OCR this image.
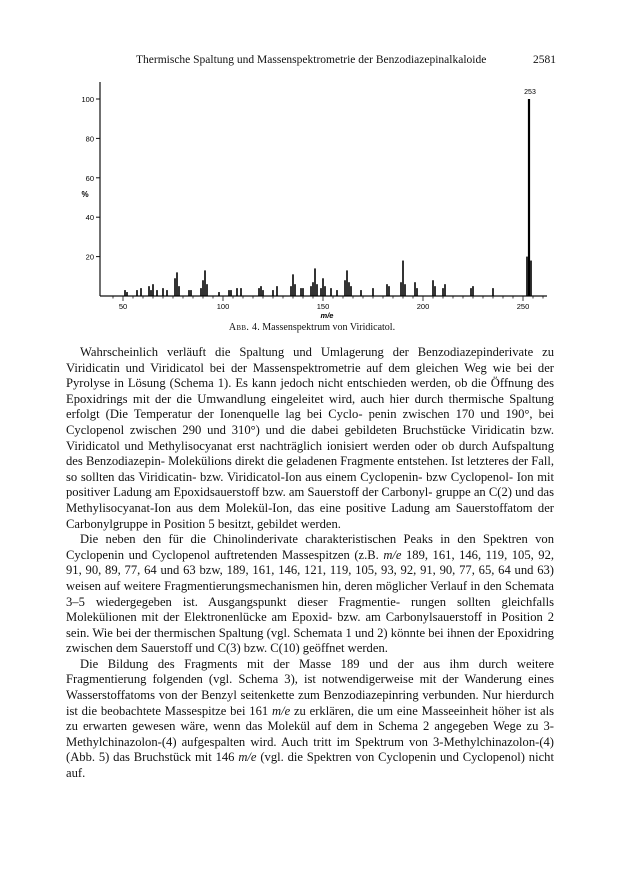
Thermische Spaltung und Massenspektrometrie der Benzodiazepinalkaloide	2581
20
40
60
80
100
%
50	100	150	200	250
m/e
253
Abb. 4. Massenspektrum von Viridicatol.

Wahrscheinlich verläuft die Spaltung und Umlagerung der Benzodiazepinderivate zu Viridicatin und Viridicatol bei der Massenspektrometrie auf dem gleichen Weg wie bei der Pyrolyse in Lösung (Schema 1). Es kann jedoch nicht entschieden werden, ob die Öffnung des Epoxidrings mit der die Umwandlung eingeleitet wird, auch hier durch thermische Spaltung erfolgt (Die Temperatur der Ionenquelle lag bei Cyclo- penin zwischen 170 und 190°, bei Cyclopenol zwischen 290 und 310°) und die dabei gebildeten Bruchstücke Viridicatin bzw. Viridicatol und Methylisocyanat erst nachträglich ionisiert werden oder ob durch Aufspaltung des Benzodiazepin- Molekülions direkt die geladenen Fragmente entstehen. Ist letzteres der Fall, so sollten das Viridicatin- bzw. Viridicatol-Ion aus einem Cyclopenin- bzw Cyclopenol- Ion mit positiver Ladung am Epoxidsauerstoff bzw. am Sauerstoff der Carbonyl- gruppe an C(2) und das Methylisocyanat-Ion aus dem Molekül-Ion, das eine positive Ladung am Sauerstoffatom der Carbonylgruppe in Position 5 besitzt, gebildet werden.

Die neben den für die Chinolinderivate charakteristischen Peaks in den Spektren von Cyclopenin und Cyclopenol auftretenden Massespitzen (z.B. m/e 189, 161, 146, 119, 105, 92, 91, 90, 89, 77, 64 und 63 bzw, 189, 161, 146, 121, 119, 105, 93, 92, 91, 90, 77, 65, 64 und 63) weisen auf weitere Fragmentierungsmechanismen hin, deren möglicher Verlauf in den Schemata 3–5 wiedergegeben ist. Ausgangspunkt dieser Fragmentie- rungen sollten gleichfalls Molekülionen mit der Elektronenlücke am Epoxid- bzw. am Carbonylsauerstoff in Position 2 sein. Wie bei der thermischen Spaltung (vgl. Schemata 1 und 2) könnte bei ihnen der Epoxidring zwischen dem Sauerstoff und C(3) bzw. C(10) geöffnet werden.

Die Bildung des Fragments mit der Masse 189 und der aus ihm durch weitere Fragmentierung folgenden (vgl. Schema 3), ist notwendigerweise mit der Wanderung eines Wasserstoffatoms von der Benzyl seitenkette zum Benzodiazepinring verbunden. Nur hierdurch ist die beobachtete Massespitze bei 161 m/e zu erklären, die um eine Masseeinheit höher ist als zu erwarten gewesen wäre, wenn das Molekül auf dem in Schema 2 angegeben Wege zu 3-Methylchinazolon-(4) aufgespalten wird. Auch tritt im Spektrum von 3-Methylchinazolon-(4) (Abb. 5) das Bruchstück mit 146 m/e (vgl. die Spektren von Cyclopenin und Cyclopenol) nicht auf.
